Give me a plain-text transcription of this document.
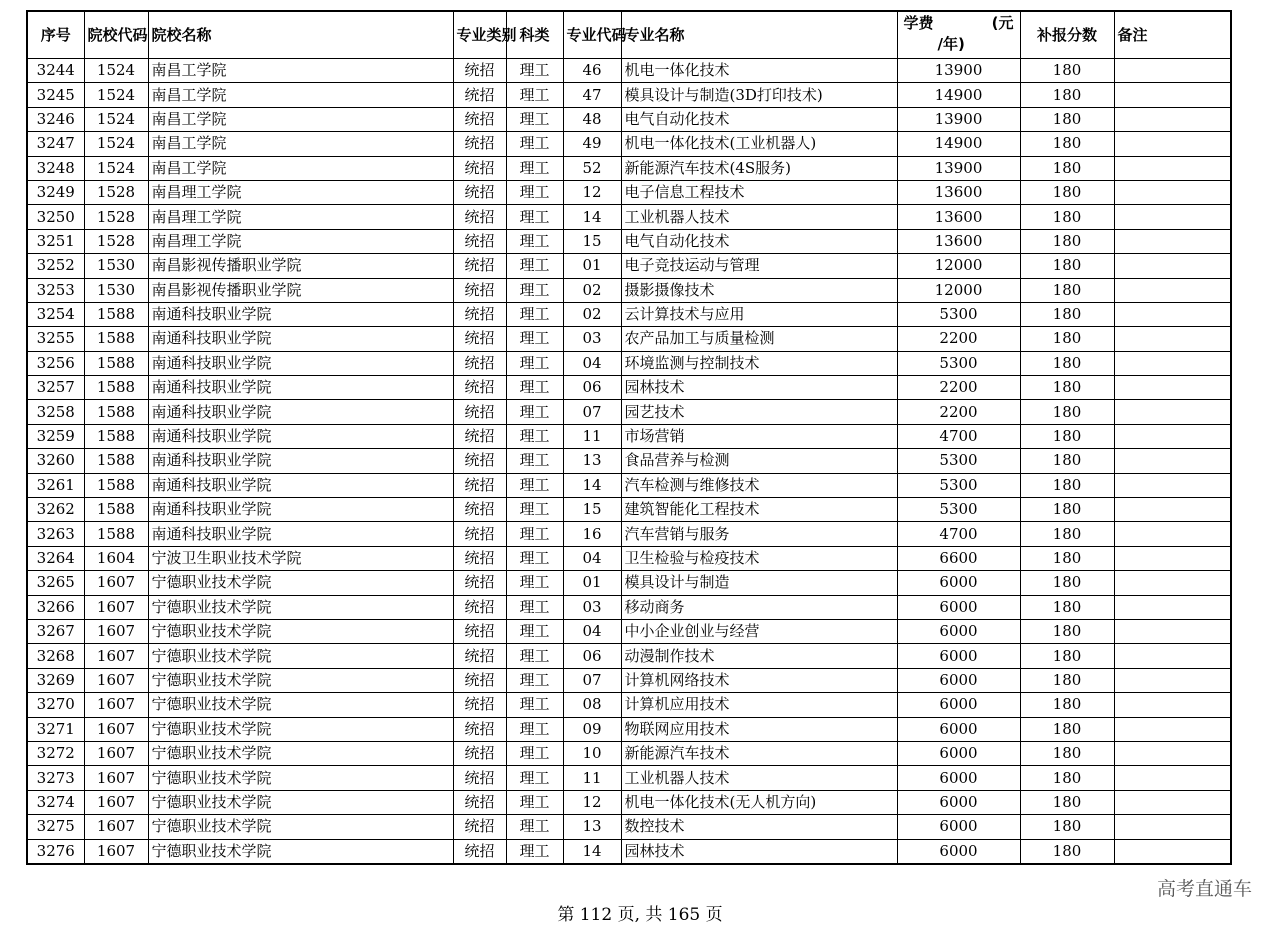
序号	院校代码	院校名称	专业类别	科类	专业代码	专业名称	学费 (元
/年)	补报分数	备注
3244	1524	南昌工学院	统招	理工	46	机电一体化技术	13900	180	
3245	1524	南昌工学院	统招	理工	47	模具设计与制造(3D打印技术)	14900	180	
3246	1524	南昌工学院	统招	理工	48	电气自动化技术	13900	180	
3247	1524	南昌工学院	统招	理工	49	机电一体化技术(工业机器人)	14900	180	
3248	1524	南昌工学院	统招	理工	52	新能源汽车技术(4S服务)	13900	180	
3249	1528	南昌理工学院	统招	理工	12	电子信息工程技术	13600	180	
3250	1528	南昌理工学院	统招	理工	14	工业机器人技术	13600	180	
3251	1528	南昌理工学院	统招	理工	15	电气自动化技术	13600	180	
3252	1530	南昌影视传播职业学院	统招	理工	01	电子竞技运动与管理	12000	180	
3253	1530	南昌影视传播职业学院	统招	理工	02	摄影摄像技术	12000	180	
3254	1588	南通科技职业学院	统招	理工	02	云计算技术与应用	5300	180	
3255	1588	南通科技职业学院	统招	理工	03	农产品加工与质量检测	2200	180	
3256	1588	南通科技职业学院	统招	理工	04	环境监测与控制技术	5300	180	
3257	1588	南通科技职业学院	统招	理工	06	园林技术	2200	180	
3258	1588	南通科技职业学院	统招	理工	07	园艺技术	2200	180	
3259	1588	南通科技职业学院	统招	理工	11	市场营销	4700	180	
3260	1588	南通科技职业学院	统招	理工	13	食品营养与检测	5300	180	
3261	1588	南通科技职业学院	统招	理工	14	汽车检测与维修技术	5300	180	
3262	1588	南通科技职业学院	统招	理工	15	建筑智能化工程技术	5300	180	
3263	1588	南通科技职业学院	统招	理工	16	汽车营销与服务	4700	180	
3264	1604	宁波卫生职业技术学院	统招	理工	04	卫生检验与检疫技术	6600	180	
3265	1607	宁德职业技术学院	统招	理工	01	模具设计与制造	6000	180	
3266	1607	宁德职业技术学院	统招	理工	03	移动商务	6000	180	
3267	1607	宁德职业技术学院	统招	理工	04	中小企业创业与经营	6000	180	
3268	1607	宁德职业技术学院	统招	理工	06	动漫制作技术	6000	180	
3269	1607	宁德职业技术学院	统招	理工	07	计算机网络技术	6000	180	
3270	1607	宁德职业技术学院	统招	理工	08	计算机应用技术	6000	180	
3271	1607	宁德职业技术学院	统招	理工	09	物联网应用技术	6000	180	
3272	1607	宁德职业技术学院	统招	理工	10	新能源汽车技术	6000	180	
3273	1607	宁德职业技术学院	统招	理工	11	工业机器人技术	6000	180	
3274	1607	宁德职业技术学院	统招	理工	12	机电一体化技术(无人机方向)	6000	180	
3275	1607	宁德职业技术学院	统招	理工	13	数控技术	6000	180	
3276	1607	宁德职业技术学院	统招	理工	14	园林技术	6000	180	
高考直通车
第 112 页, 共 165 页
